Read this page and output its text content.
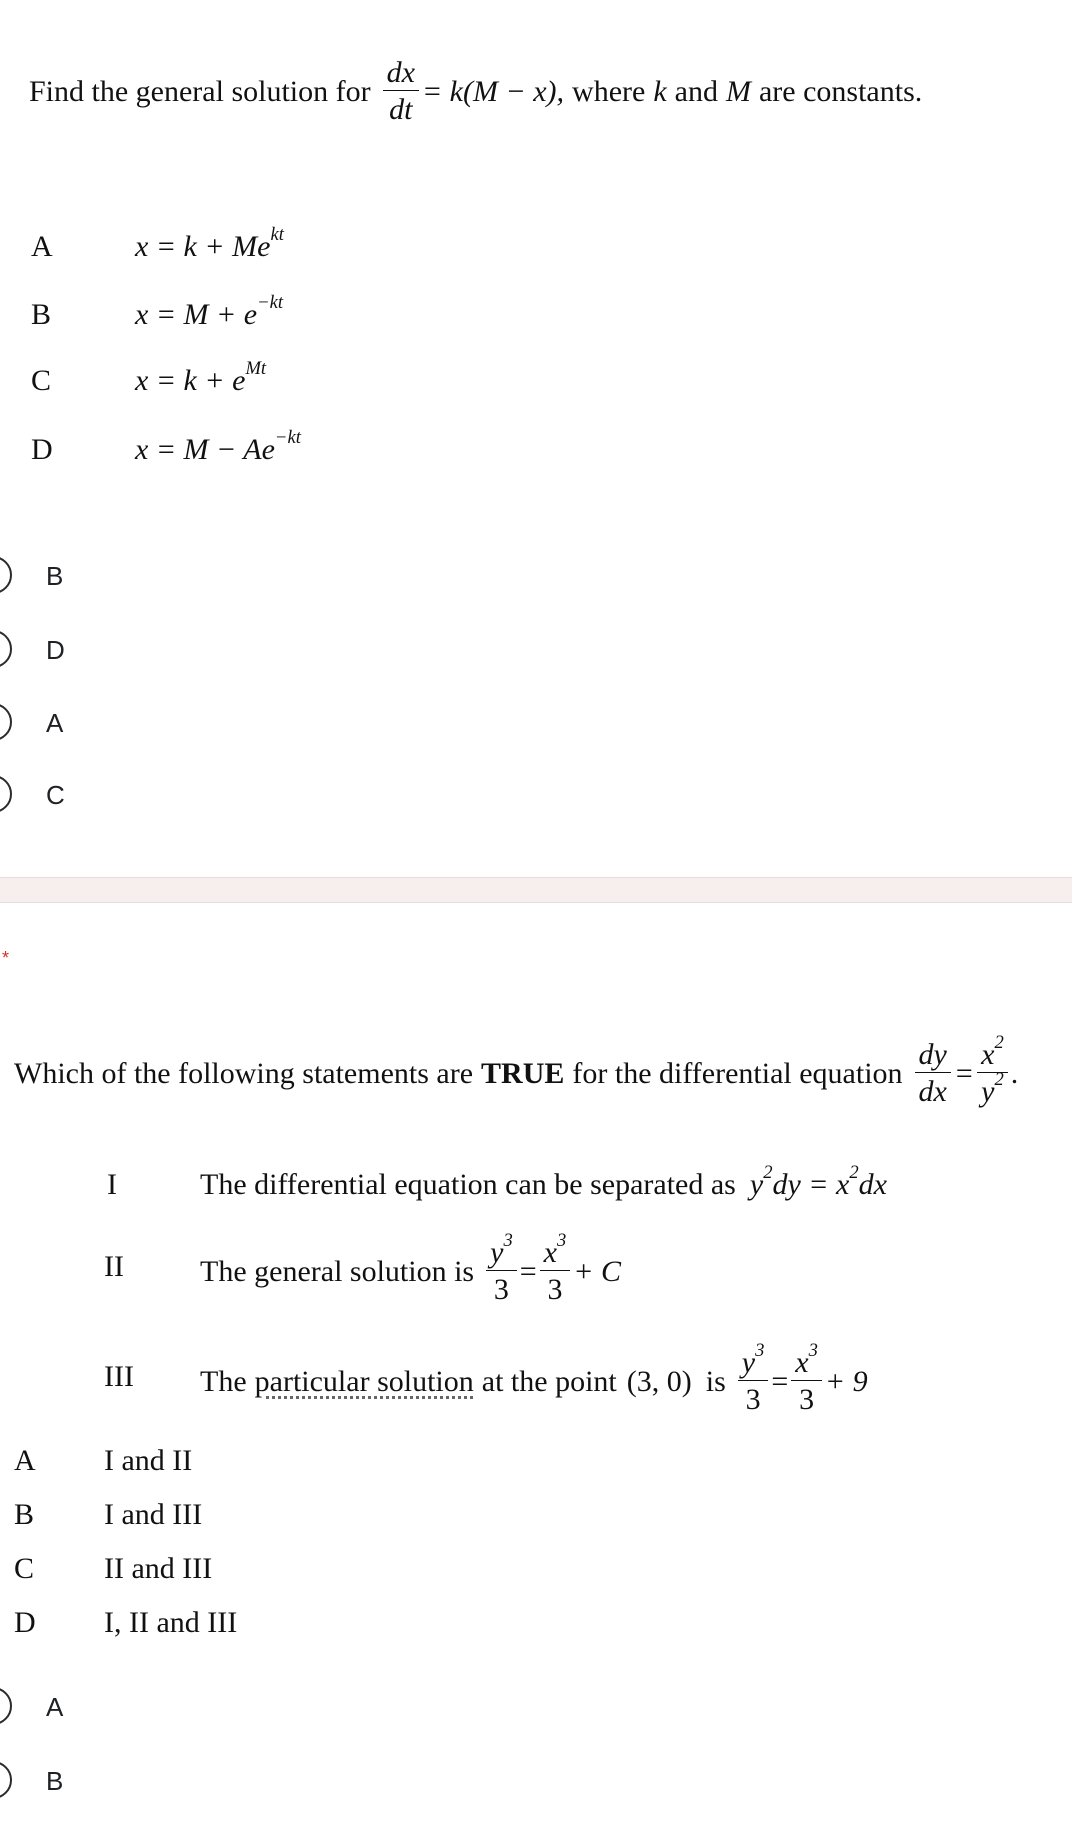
Find the general solution for $\frac{dx}{dt} = k(M - x)$, where k and M are constants.
A	$x = k + Me^{kt}$
B	$x = M + e^{-kt}$
C	$x = k + e^{Mt}$
D	$x = M - Ae^{-kt}$
B
D
A
C
*
Which of the following statements are TRUE for the differential equation $\frac{dy}{dx} = \frac{x^2}{y^2}$ .
I	The differential equation can be separated as $y^2dy = x^2dx$
II	The general solution is $\frac{y^3}{3} = \frac{x^3}{3} + C$
III The particular solution at the point (3, 0) is $\frac{y^3}{3} = \frac{x^3}{3} + 9$
A I and II
B I and III
C II and III
D I, II and III
A
B
